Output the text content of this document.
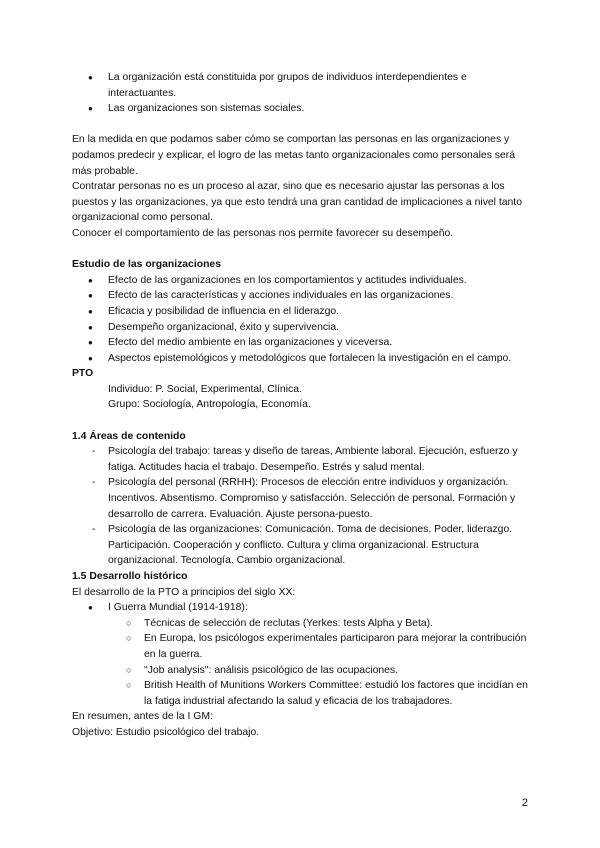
● La organización está constituida por grupos de individuos interdependientes e interactuantes.
● Las organizaciones son sistemas sociales.

En la medida en que podamos saber cómo se comportan las personas en las organizaciones y podamos predecir y explicar, el logro de las metas tanto organizacionales como personales será más probable.

Contratar personas no es un proceso al azar, sino que es necesario ajustar las personas a los puestos y las organizaciones, ya que esto tendrá una gran cantidad de implicaciones a nivel tanto organizacional como personal.

Conocer el comportamiento de las personas nos permite favorecer su desempeño.

Estudio de las organizaciones

● Efecto de las organizaciones en los comportamientos y actitudes individuales.
● Efecto de las características y acciones individuales en las organizaciones.
● Eficacia y posibilidad de influencia en el liderazgo.
● Desempeño organizacional, éxito y supervivencia.
● Efecto del medio ambiente en las organizaciones y viceversa.
● Aspectos epistemológicos y metodológicos que fortalecen la investigación en el campo.

PTO

Individuo: P. Social, Experimental, Clínica.

Grupo: Sociología, Antropología, Economía.

1.4 Áreas de contenido

- Psicología del trabajo: tareas y diseño de tareas, Ambiente laboral. Ejecución, esfuerzo y fatiga. Actitudes hacia el trabajo. Desempeño. Estrés y salud mental.
- Psicología del personal (RRHH): Procesos de elección entre individuos y organización. Incentivos. Absentismo. Compromiso y satisfacción. Selección de personal. Formación y desarrollo de carrera. Evaluación. Ajuste persona-puesto.
- Psicología de las organizaciones: Comunicación. Toma de decisiones. Poder, liderazgo. Participación. Cooperación y conflicto. Cultura y clima organizacional. Estructura organizacional. Tecnología. Cambio organizacional.

1.5 Desarrollo histórico

El desarrollo de la PTO a principios del siglo XX:

● I Guerra Mundial (1914-1918):
○ Técnicas de selección de reclutas (Yerkes: tests Alpha y Beta).
○ En Europa, los psicólogos experimentales participaron para mejorar la contribución en la guerra.
○ "Job analysis": análisis psicológico de las ocupaciones.
○ British Health of Munitions Workers Committee: estudió los factores que incidían en la fatiga industrial afectando la salud y eficacia de los trabajadores.

En resumen, antes de la I GM:

Objetivo: Estudio psicológico del trabajo.

2
